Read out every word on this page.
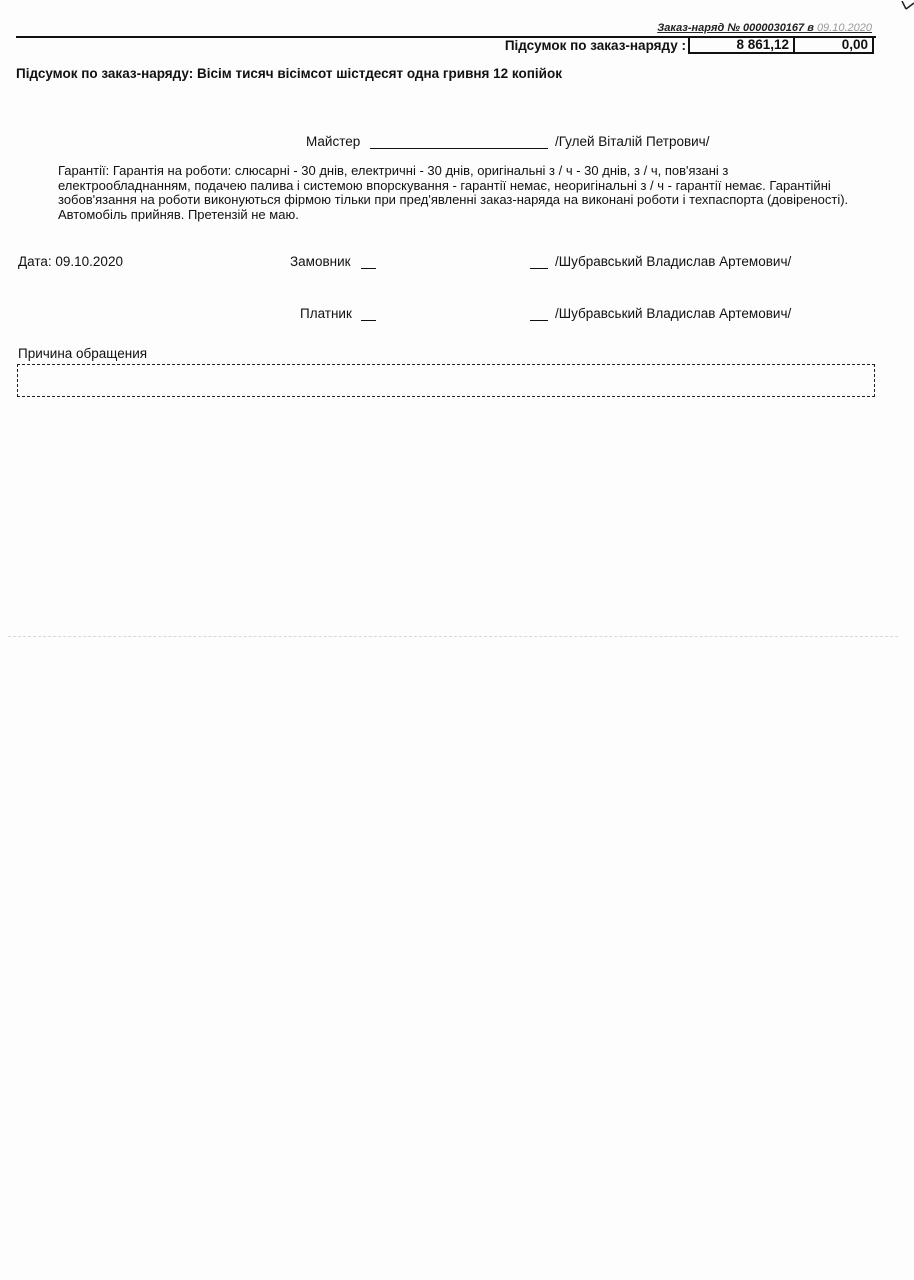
Заказ-наряд № 0000030167 в 09.10.2020
Підсумок по заказ-наряду :	8 861,12	0,00
Підсумок по заказ-наряду: Вісім тисяч вісімсот шістдесят одна гривня 12 копійок
Майстер	/Гулей Віталій Петрович/
Гарантії: Гарантія на роботи: слюсарні - 30 днів, електричні - 30 днів, оригінальні з / ч - 30 днів, з / ч, пов'язані з електрообладнанням, подачею палива і системою впорскування - гарантії немає, неоригінальні з / ч - гарантії немає. Гарантійні зобов'язання на роботи виконуються фірмою тільки при пред'явленні заказ-наряда на виконані роботи і техпаспорта (довіреності). Автомобіль прийняв. Претензій не маю.
Дата: 09.10.2020	Замовник	/Шубравський Владислав Артемович/
Платник	/Шубравський Владислав Артемович/
Причина обращения
